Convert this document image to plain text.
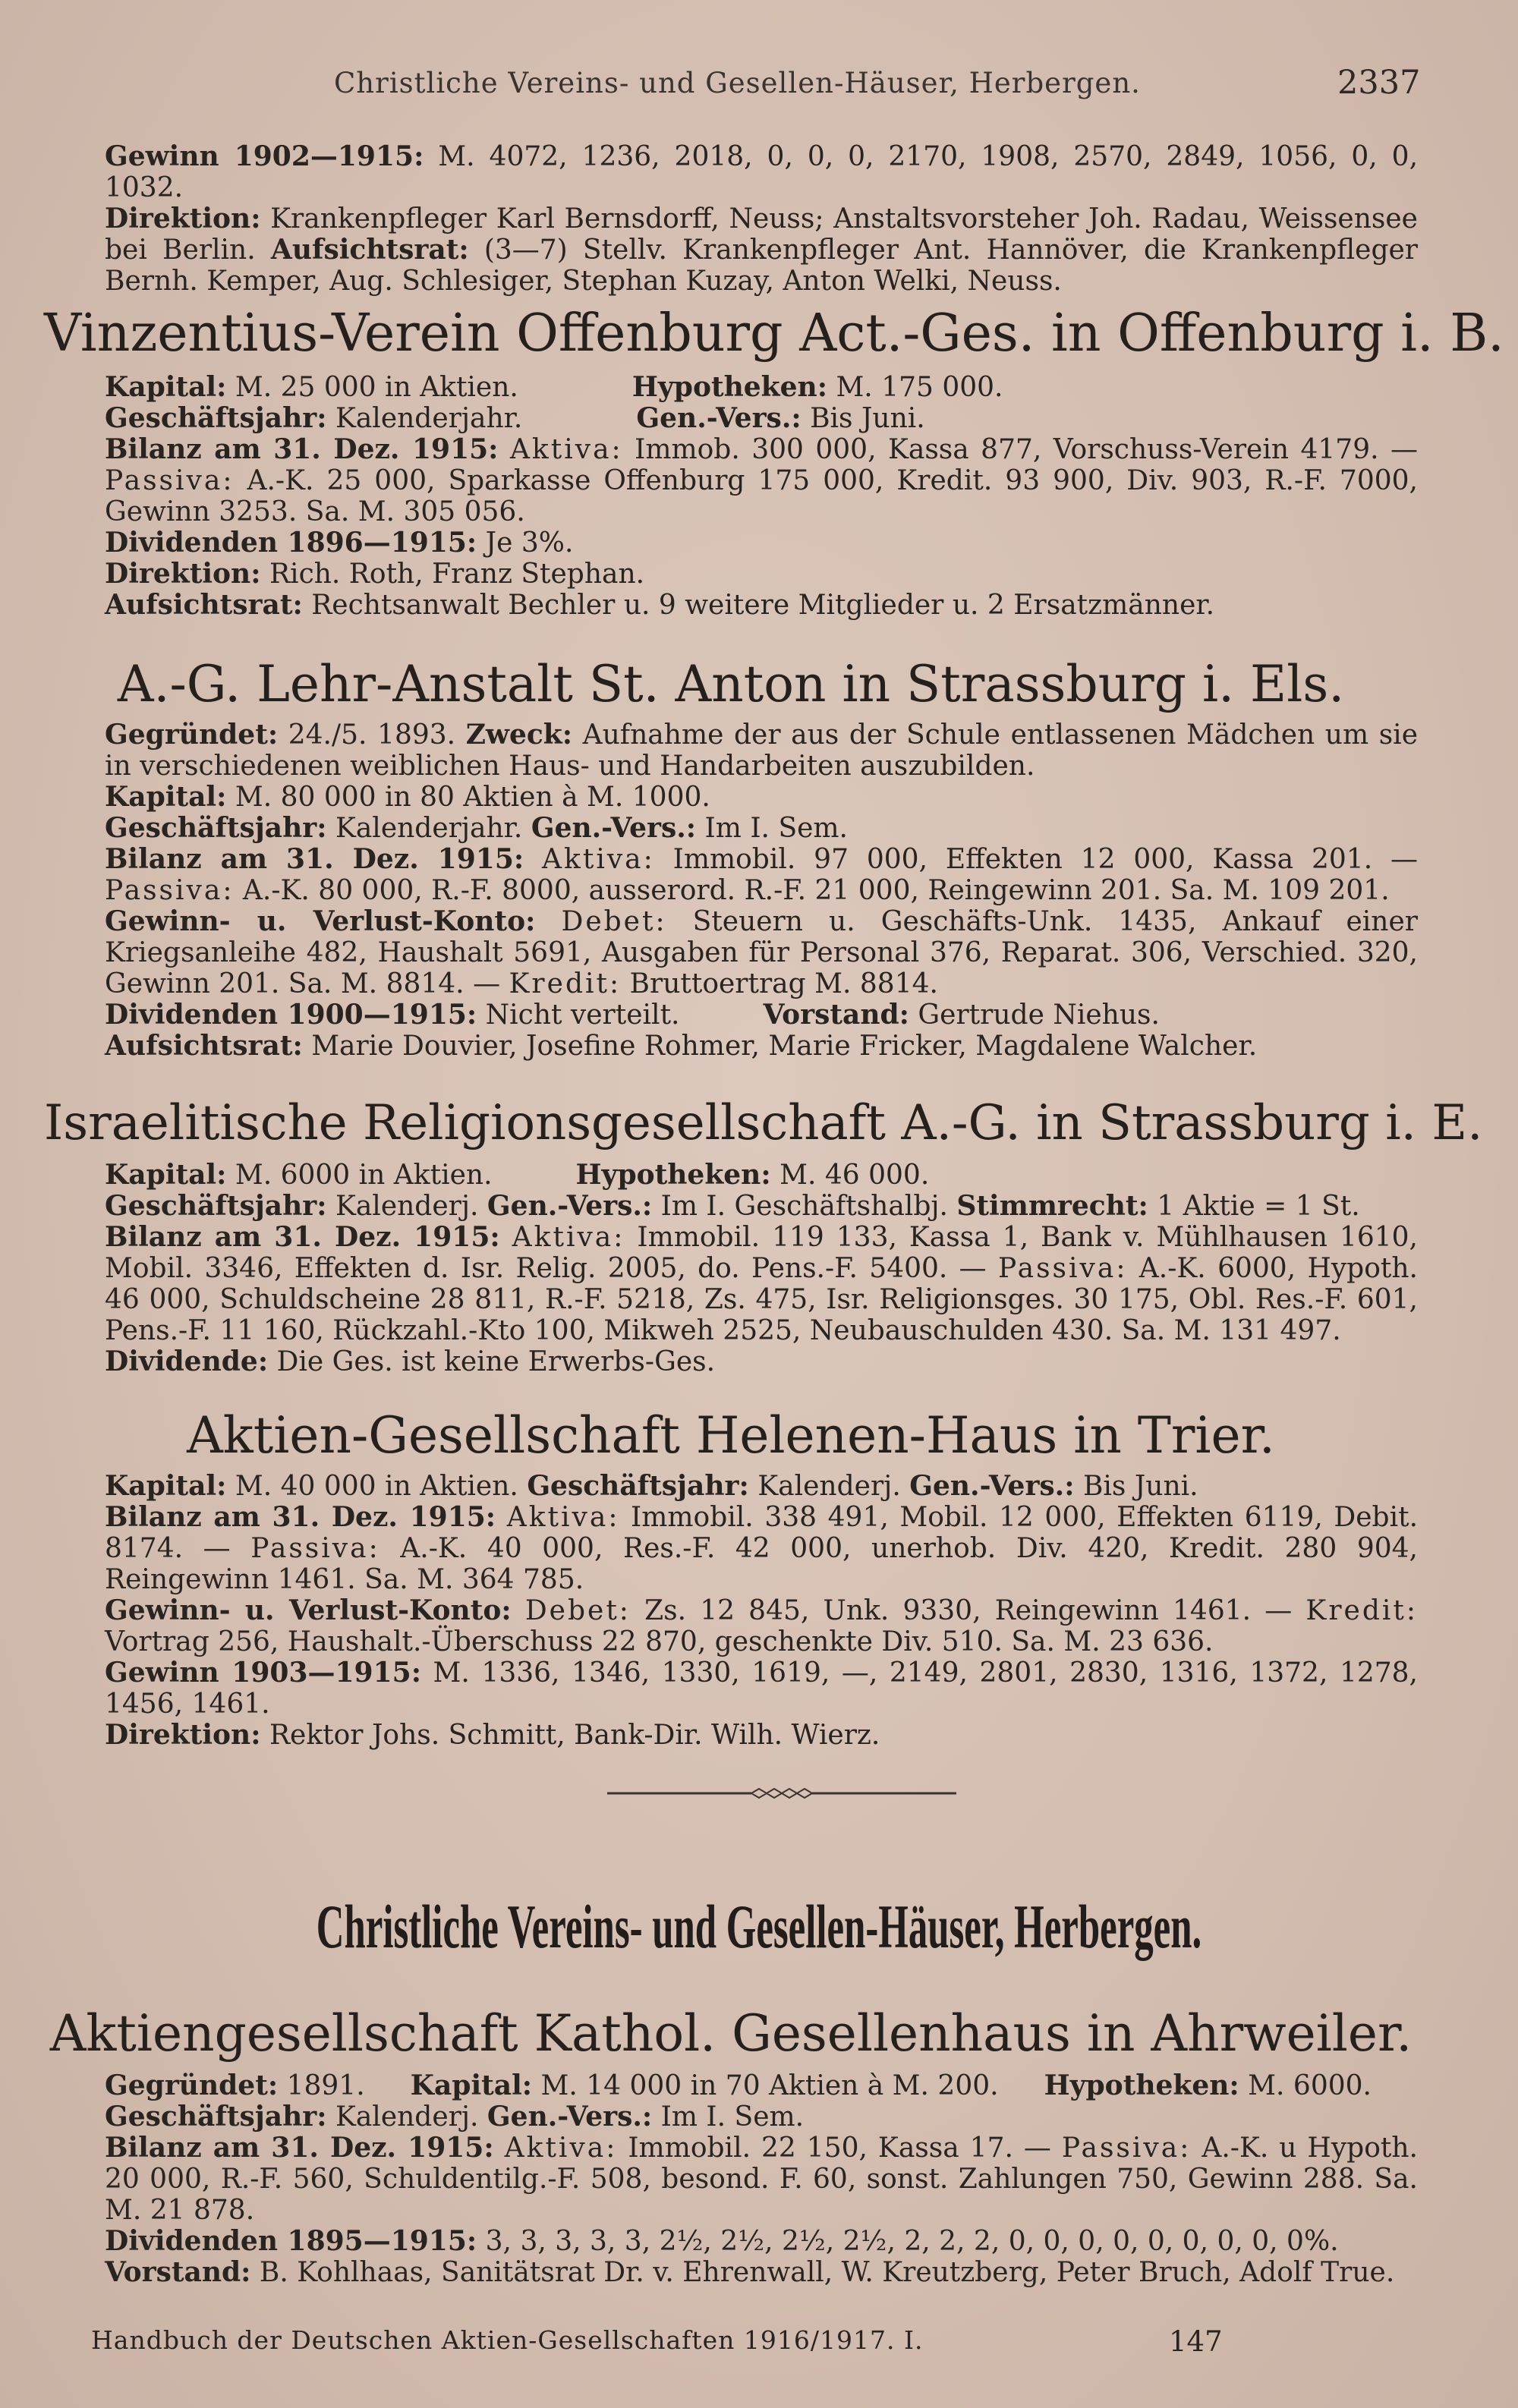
Christliche Vereins- und Gesellen-Häuser, Herbergen.	2337

Gewinn 1902—1915: M. 4072, 1236, 2018, 0, 0, 0, 2170, 1908, 2570, 2849, 1056, 0, 0, 1032.

Direktion: Krankenpfleger Karl Bernsdorff, Neuss; Anstaltsvorsteher Joh. Radau, Weissensee bei Berlin. Aufsichtsrat: (3—7) Stellv. Krankenpfleger Ant. Hannöver, die Krankenpfleger Bernh. Kemper, Aug. Schlesiger, Stephan Kuzay, Anton Welki, Neuss.

Vinzentius-Verein Offenburg Act.-Ges. in Offenburg i. B.

Kapital: M. 25 000 in Aktien.	Hypotheken: M. 175 000.

Geschäftsjahr: Kalenderjahr.	Gen.-Vers.: Bis Juni.

Bilanz am 31. Dez. 1915: Aktiva: Immob. 300 000, Kassa 877, Vorschuss-Verein 4179. — Passiva: A.-K. 25 000, Sparkasse Offenburg 175 000, Kredit. 93 900, Div. 903, R.-F. 7000, Gewinn 3253. Sa. M. 305 056.

Dividenden 1896—1915: Je 3%.

Direktion: Rich. Roth, Franz Stephan.

Aufsichtsrat: Rechtsanwalt Bechler u. 9 weitere Mitglieder u. 2 Ersatzmänner.

A.-G. Lehr-Anstalt St. Anton in Strassburg i. Els.

Gegründet: 24./5. 1893. Zweck: Aufnahme der aus der Schule entlassenen Mädchen um sie in verschiedenen weiblichen Haus- und Handarbeiten auszubilden.

Kapital: M. 80 000 in 80 Aktien à M. 1000.

Geschäftsjahr: Kalenderjahr. Gen.-Vers.: Im I. Sem.

Bilanz am 31. Dez. 1915: Aktiva: Immobil. 97 000, Effekten 12 000, Kassa 201. — Passiva: A.-K. 80 000, R.-F. 8000, ausserord. R.-F. 21 000, Reingewinn 201. Sa. M. 109 201.

Gewinn- u. Verlust-Konto: Debet: Steuern u. Geschäfts-Unk. 1435, Ankauf einer Kriegsanleihe 482, Haushalt 5691, Ausgaben für Personal 376, Reparat. 306, Verschied. 320, Gewinn 201. Sa. M. 8814. — Kredit: Bruttoertrag M. 8814.

Dividenden 1900—1915: Nicht verteilt.	Vorstand: Gertrude Niehus.

Aufsichtsrat: Marie Douvier, Josefine Rohmer, Marie Fricker, Magdalene Walcher.

Israelitische Religionsgesellschaft A.-G. in Strassburg i. E.

Kapital: M. 6000 in Aktien.	Hypotheken: M. 46 000.

Geschäftsjahr: Kalenderj. Gen.-Vers.: Im I. Geschäftshalbj. Stimmrecht: 1 Aktie = 1 St.

Bilanz am 31. Dez. 1915: Aktiva: Immobil. 119 133, Kassa 1, Bank v. Mühlhausen 1610, Mobil. 3346, Effekten d. Isr. Relig. 2005, do. Pens.-F. 5400. — Passiva: A.-K. 6000, Hypoth. 46 000, Schuldscheine 28 811, R.-F. 5218, Zs. 475, Isr. Religionsges. 30 175, Obl. Res.-F. 601, Pens.-F. 11 160, Rückzahl.-Kto 100, Mikweh 2525, Neubauschulden 430. Sa. M. 131 497.

Dividende: Die Ges. ist keine Erwerbs-Ges.

Aktien-Gesellschaft Helenen-Haus in Trier.

Kapital: M. 40 000 in Aktien. Geschäftsjahr: Kalenderj. Gen.-Vers.: Bis Juni.

Bilanz am 31. Dez. 1915: Aktiva: Immobil. 338 491, Mobil. 12 000, Effekten 6119, Debit. 8174. — Passiva: A.-K. 40 000, Res.-F. 42 000, unerhob. Div. 420, Kredit. 280 904, Reingewinn 1461. Sa. M. 364 785.

Gewinn- u. Verlust-Konto: Debet: Zs. 12 845, Unk. 9330, Reingewinn 1461. — Kredit: Vortrag 256, Haushalt.-Überschuss 22 870, geschenkte Div. 510. Sa. M. 23 636.

Gewinn 1903—1915: M. 1336, 1346, 1330, 1619, —, 2149, 2801, 2830, 1316, 1372, 1278, 1456, 1461.

Direktion: Rektor Johs. Schmitt, Bank-Dir. Wilh. Wierz.

Christliche Vereins- und Gesellen-Häuser, Herbergen.
Aktiengesellschaft Kathol. Gesellenhaus in Ahrweiler.

Gegründet: 1891. Kapital: M. 14 000 in 70 Aktien à M. 200. Hypotheken: M. 6000.

Geschäftsjahr: Kalenderj. Gen.-Vers.: Im I. Sem.

Bilanz am 31. Dez. 1915: Aktiva: Immobil. 22 150, Kassa 17. — Passiva: A.-K. u Hypoth. 20 000, R.-F. 560, Schuldentilg.-F. 508, besond. F. 60, sonst. Zahlungen 750, Gewinn 288. Sa. M. 21 878.

Dividenden 1895—1915: 3, 3, 3, 3, 3, 2½, 2½, 2½, 2½, 2, 2, 2, 0, 0, 0, 0, 0, 0, 0, 0, 0%.

Vorstand: B. Kohlhaas, Sanitätsrat Dr. v. Ehrenwall, W. Kreutzberg, Peter Bruch, Adolf True.

Handbuch der Deutschen Aktien-Gesellschaften 1916/1917. I.	147
